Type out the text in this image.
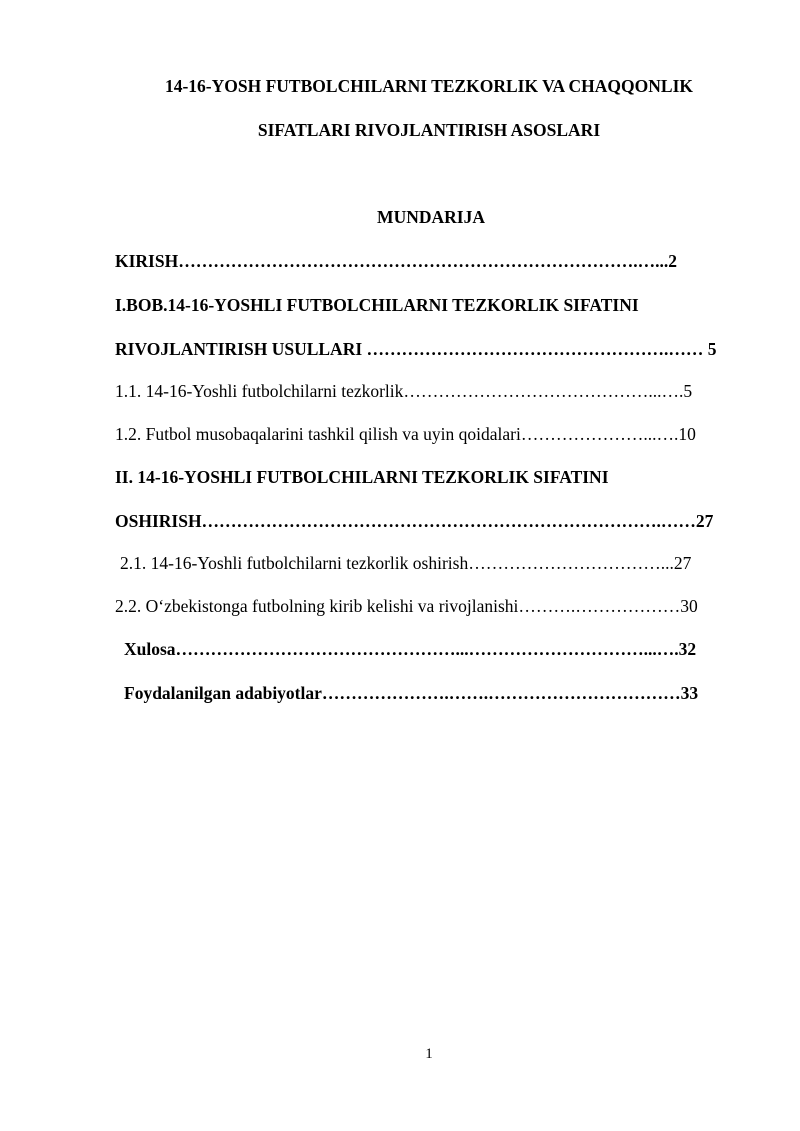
14-16-YOSH FUTBOLCHILARNI TEZKORLIK VA CHAQQONLIK
SIFATLARI RIVOJLANTIRISH ASOSLARI
MUNDARIJA
KIRISH…………………………………………………………………….…...2
I.BOB.14-16-YOSHLI FUTBOLCHILARNI TEZKORLIK SIFATINI
RIVOJLANTIRISH USULLARI …………………………………………….…… 5
1.1. 14-16-Yoshli futbolchilarni tezkorlik……………………………………...….5
1.2. Futbol musobaqalarini tashkil qilish va uyin qoidalari…………………...….10
II. 14-16-YOSHLI FUTBOLCHILARNI TEZKORLIK SIFATINI
OSHIRISH…………………………………………………………………….……27
2.1. 14-16-Yoshli futbolchilarni tezkorlik oshirish……………………………...27
2.2. O‘zbekistonga futbolning kirib kelishi va rivojlanishi……….………………30
Xulosa…………………………………………...…………………………...….32
Foydalanilgan adabiyotlar………………….…….……………………………33
1
